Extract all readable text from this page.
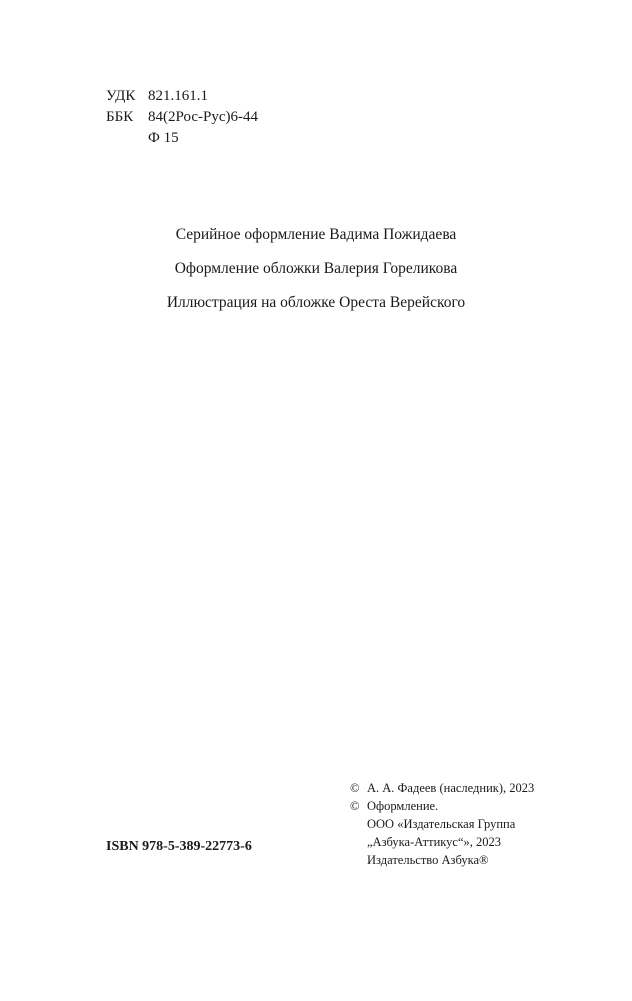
УДК 821.161.1
ББК 84(2Рос-Рус)6-44
Ф 15
Серийное оформление Вадима Пожидаева
Оформление обложки Валерия Гореликова
Иллюстрация на обложке Ореста Верейского
© А. А. Фадеев (наследник), 2023
© Оформление.
ООО «Издательская Группа
„Азбука-Аттикус“», 2023
Издательство Азбука®
ISBN 978-5-389-22773-6
